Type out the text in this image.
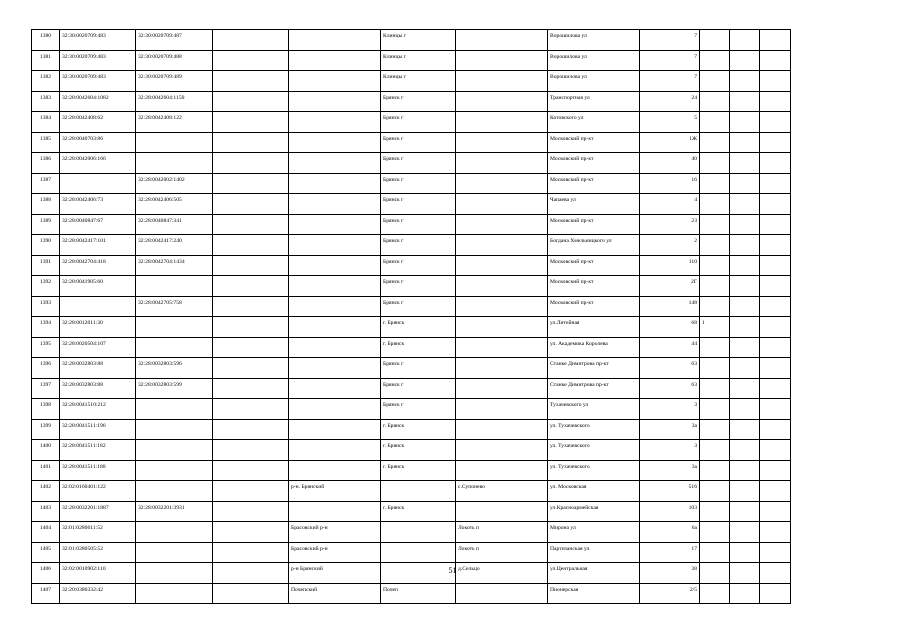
1380	32:30:0020709:483	32:30:0020709:487			Клинцы г		Ворошилова ул	7			
1381	32:30:0020709:483	32:30:0020709:488			Клинцы г		Ворошилова ул	7			
1382	32:30:0020709:483	32:30:0020709:489			Клинцы г		Ворошилова ул	7			
1383	32:28:0042604:1082	32:28:0042604:1150			Брянск г		Транспортная ул	24			
1384	32:28:0042408:62	32:28:0042408:122			Брянск г		Котовского ул	5			
1385	32:28:0040703:86				Брянск г		Московский пр-кт	1Ж			
1386	32:28:0042006:166				Брянск г		Московский пр-кт	40			
1387		32:28:0042002:1402			Брянск г		Московский пр-кт	16			
1388	32:28:0042406:73	32:28:0042406:505			Брянск г		Чапаева ул	4			
1389	32:28:0040847:67	32:28:0040847:341			Брянск г		Московский пр-кт	23			
1390	32:28:0042417:101	32:28:0042417:240			Брянск г		Богдана Хмельницкого ул	2			
1391	32:28:0042704:418	32:28:0042704:1434			Брянск г		Московский пр-кт	110			
1392	32:28:0041905:60				Брянск г		Московский пр-кт	2Г			
1393		32:28:0042705:758			Брянск г		Московский пр-кт	148			
1394	32:28:0012011:30				г. Брянск		ул.Литейная	68	1		
1395	32:28:0020504:107				г. Брянск		ул. Академика Королева	44			
1396	32:28:0032803:88	32:28:0032803:596			Брянск г		Станке Димитрова пр-кт	63			
1397	32:28:0032803:88	32:28:0032803:599			Брянск г		Станке Димитрова пр-кт	63			
1398	32:28:0041510:212				Брянск г		Тухачевского ул	3			
1399	32:28:0041511:196				г. Брянск		ул. Тухачевского	3а			
1400	32:28:0041511:182				г. Брянск		ул. Тухачевского	3			
1401	32:28:0041511:188				г. Брянск		ул. Тухачевского	3а			
1402	32:02:0160401:122			р-н. Брянский		с.Супонево	ул. Московская	516			
1403	32:28:0032201:1887	32:28:0032201:3931			г. Брянск		ул.Красноармейская	103			
1404	32:01:0280611:52			Брасовский р-н		Локоть п	Мирона ул	6а			
1405	32:01:0280505:52			Брасовский р-н		Локоть п	Партизанская ул	17			
1406	32:02:0010902:110			р-н Брянский		д.Сельцо	ул.Центральная	38			
1407	32:20:0380332:42			Почепский	Почеп		Пионерская	2/5			
51
